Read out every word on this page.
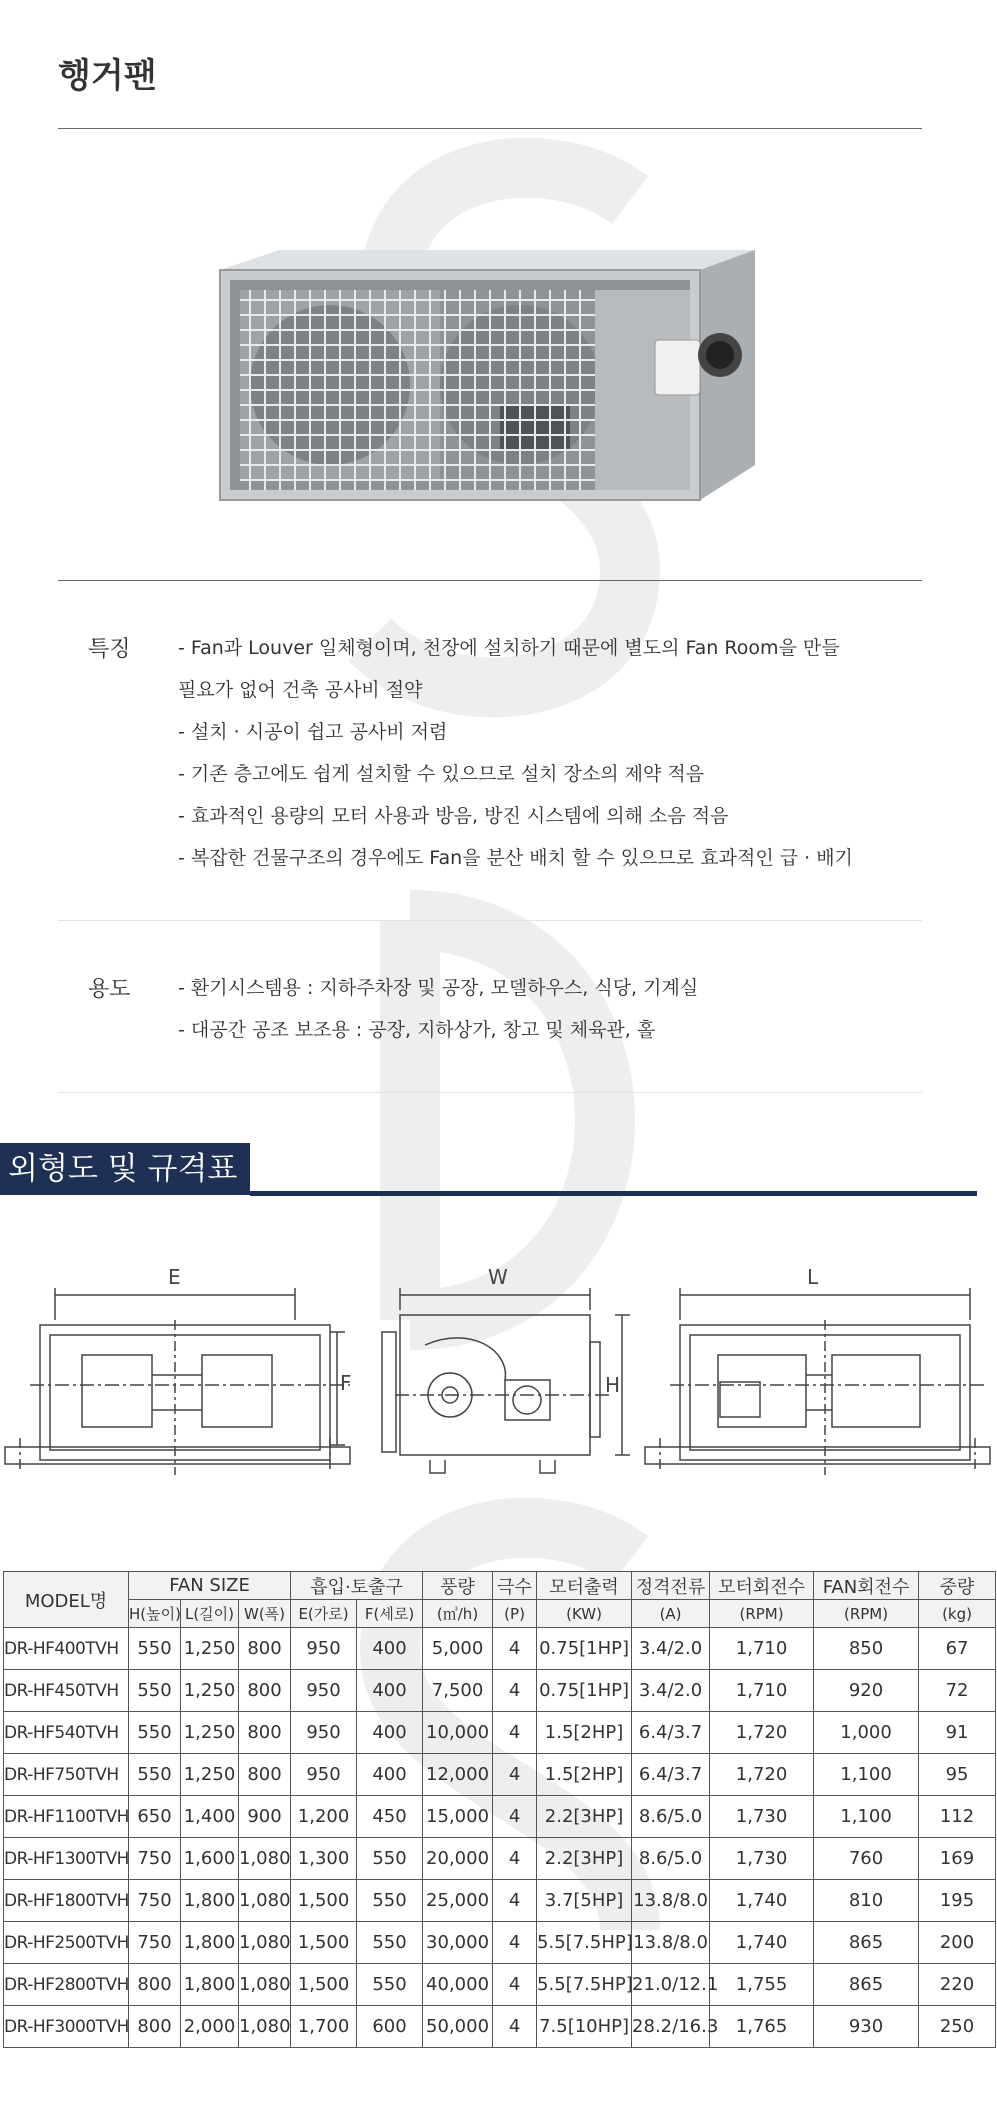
행거팬
특징 - Fan과 Louver 일체형이며, 천장에 설치하기 때문에 별도의 Fan Room을 만들
필요가 없어 건축 공사비 절약
- 설치 · 시공이 쉽고 공사비 저렴
- 기존 층고에도 쉽게 설치할 수 있으므로 설치 장소의 제약 적음
- 효과적인 용량의 모터 사용과 방음, 방진 시스템에 의해 소음 적음
- 복잡한 건물구조의 경우에도 Fan을 분산 배치 할 수 있으므로 효과적인 급 · 배기
용도 - 환기시스템용 : 지하주차장 및 공장, 모델하우스, 식당, 기계실
- 대공간 공조 보조용 : 공장, 지하상가, 창고 및 체육관, 홀
외형도 및 규격표
E
F
W
H
L
MODEL명	FAN SIZE			흡입·토출구		풍량	극수	모터출력	정격전류	모터회전수	FAN회전수	중량
	H(높이)	L(길이)	W(폭)	E(가로)	F(세로)	(㎥/h)	(P)	(KW)	(A)	(RPM)	(RPM)	(kg)
DR-HF400TVH	550	1,250	800	950	400	5,000	4	0.75[1HP]	3.4/2.0	1,710	850	67
DR-HF450TVH	550	1,250	800	950	400	7,500	4	0.75[1HP]	3.4/2.0	1,710	920	72
DR-HF540TVH	550	1,250	800	950	400	10,000	4	1.5[2HP]	6.4/3.7	1,720	1,000	91
DR-HF750TVH	550	1,250	800	950	400	12,000	4	1.5[2HP]	6.4/3.7	1,720	1,100	95
DR-HF1100TVH	650	1,400	900	1,200	450	15,000	4	2.2[3HP]	8.6/5.0	1,730	1,100	112
DR-HF1300TVH	750	1,600	1,080	1,300	550	20,000	4	2.2[3HP]	8.6/5.0	1,730	760	169
DR-HF1800TVH	750	1,800	1,080	1,500	550	25,000	4	3.7[5HP]	13.8/8.0	1,740	810	195
DR-HF2500TVH	750	1,800	1,080	1,500	550	30,000	4	5.5[7.5HP]	13.8/8.0	1,740	865	200
DR-HF2800TVH	800	1,800	1,080	1,500	550	40,000	4	5.5[7.5HP]	21.0/12.1	1,755	865	220
DR-HF3000TVH	800	2,000	1,080	1,700	600	50,000	4	7.5[10HP]	28.2/16.3	1,765	930	250
